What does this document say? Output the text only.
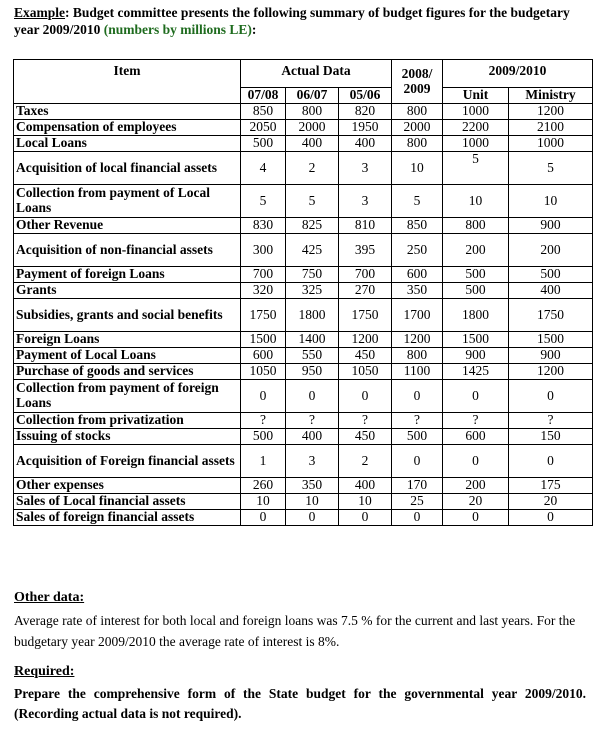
Example: Budget committee presents the following summary of budget figures for the budgetary year 2009/2010 (numbers by millions LE):
Item	Actual Data			2008/ 2009	2009/2010	
	07/08	06/07	05/06		Unit	Ministry
Taxes	850	800	820	800	1000	1200
Compensation of employees	2050	2000	1950	2000	2200	2100
Local Loans	500	400	400	800	1000	1000
Acquisition of local financial assets	4	2	3	10	5	5
Collection from payment of Local Loans	5	5	3	5	10	10
Other Revenue	830	825	810	850	800	900
Acquisition of non-financial assets	300	425	395	250	200	200
Payment of foreign Loans	700	750	700	600	500	500
Grants	320	325	270	350	500	400
Subsidies, grants and social benefits	1750	1800	1750	1700	1800	1750
Foreign Loans	1500	1400	1200	1200	1500	1500
Payment of Local Loans	600	550	450	800	900	900
Purchase of goods and services	1050	950	1050	1100	1425	1200
Collection from payment of foreign Loans	0	0	0	0	0	0
Collection from privatization	?	?	?	?	?	?
Issuing of stocks	500	400	450	500	600	150
Acquisition of Foreign financial assets	1	3	2	0	0	0
Other expenses	260	350	400	170	200	175
Sales of Local financial assets	10	10	10	25	20	20
Sales of foreign financial assets	0	0	0	0	0	0
Other data:
Average rate of interest for both local and foreign loans was 7.5 % for the current and last years. For the budgetary year 2009/2010 the average rate of interest is 8%.
Required:
Prepare the comprehensive form of the State budget for the governmental year 2009/2010. (Recording actual data is not required).
